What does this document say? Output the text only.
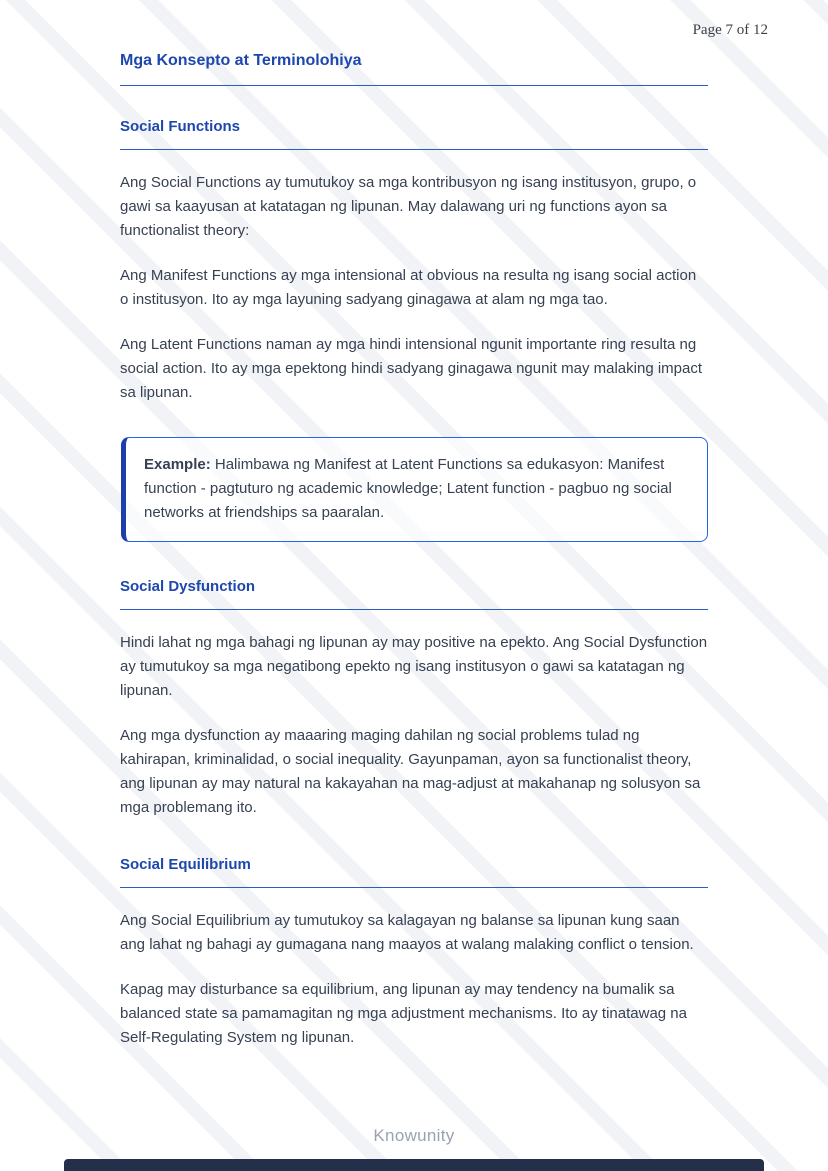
Page 7 of 12
Mga Konsepto at Terminolohiya
Social Functions

Ang Social Functions ay tumutukoy sa mga kontribusyon ng isang institusyon, grupo, o gawi sa kaayusan at katatagan ng lipunan. May dalawang uri ng functions ayon sa functionalist theory:

Ang Manifest Functions ay mga intensional at obvious na resulta ng isang social action o institusyon. Ito ay mga layuning sadyang ginagawa at alam ng mga tao.

Ang Latent Functions naman ay mga hindi intensional ngunit importante ring resulta ng social action. Ito ay mga epektong hindi sadyang ginagawa ngunit may malaking impact sa lipunan.

Example: Halimbawa ng Manifest at Latent Functions sa edukasyon: Manifest function - pagtuturo ng academic knowledge; Latent function - pagbuo ng social networks at friendships sa paaralan.
Social Dysfunction

Hindi lahat ng mga bahagi ng lipunan ay may positive na epekto. Ang Social Dysfunction ay tumutukoy sa mga negatibong epekto ng isang institusyon o gawi sa katatagan ng lipunan.

Ang mga dysfunction ay maaaring maging dahilan ng social problems tulad ng kahirapan, kriminalidad, o social inequality. Gayunpaman, ayon sa functionalist theory, ang lipunan ay may natural na kakayahan na mag-adjust at makahanap ng solusyon sa mga problemang ito.

Social Equilibrium

Ang Social Equilibrium ay tumutukoy sa kalagayan ng balanse sa lipunan kung saan ang lahat ng bahagi ay gumagana nang maayos at walang malaking conflict o tension.

Kapag may disturbance sa equilibrium, ang lipunan ay may tendency na bumalik sa balanced state sa pamamagitan ng mga adjustment mechanisms. Ito ay tinatawag na Self-Regulating System ng lipunan.

Knowunity
